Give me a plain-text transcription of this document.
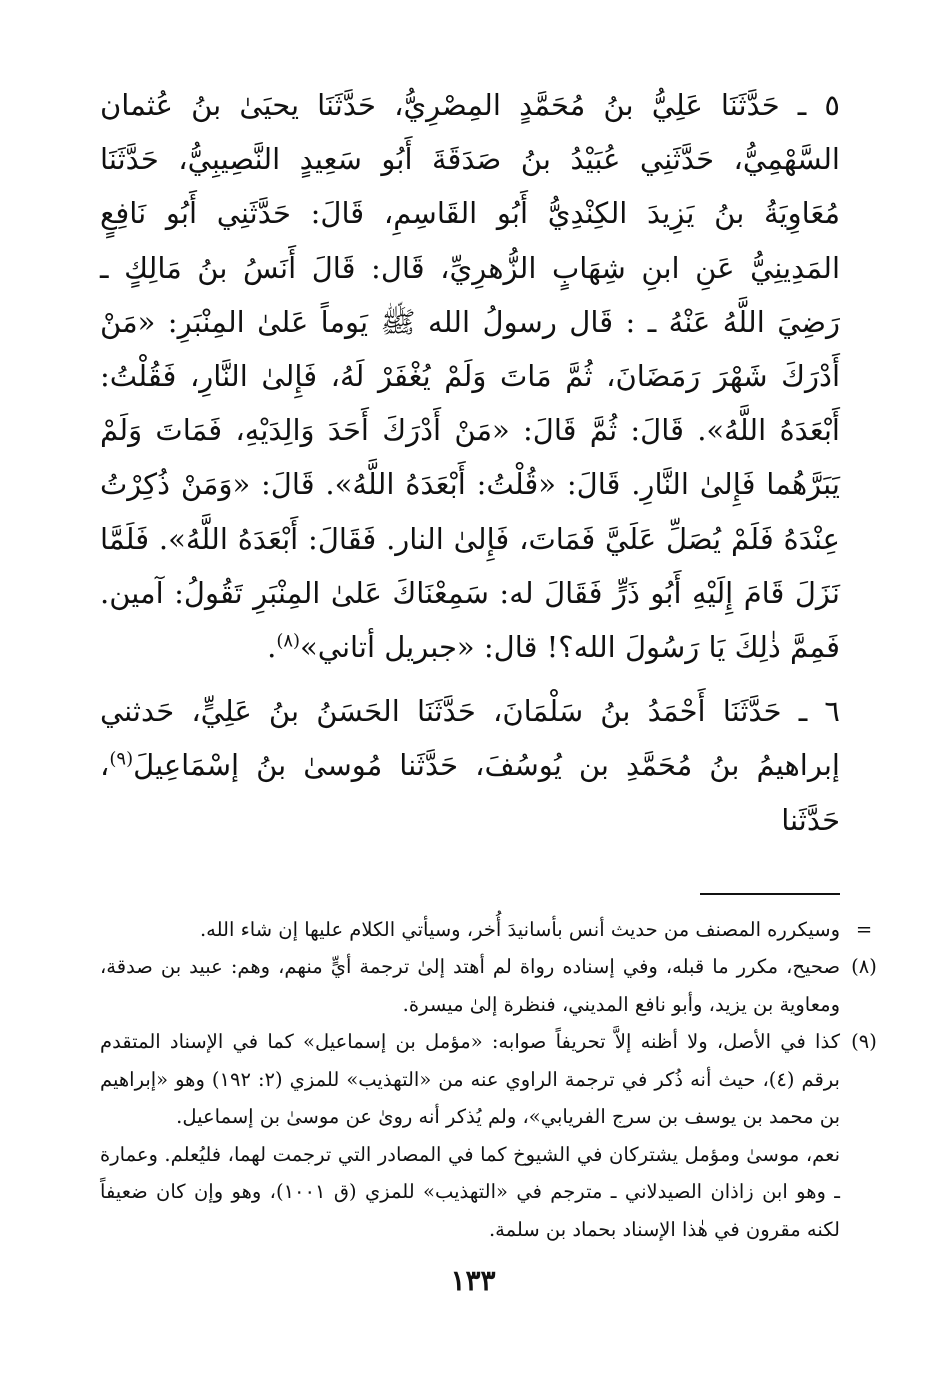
٥ ـ حَدَّثَنَا عَلِيُّ بنُ مُحَمَّدٍ المِصْرِيُّ، حَدَّثَنَا يحيَىٰ بنُ عُثمان السَّهْمِيُّ، حَدَّثَنِي عُبَيْدُ بنُ صَدَقَةَ أَبُو سَعِيدٍ النَّصِيبِيُّ، حَدَّثَنَا مُعَاوِيَةُ بنُ يَزِيدَ الكِنْدِيُّ أَبُو القَاسِمِ، قَالَ: حَدَّثَنِي أَبُو نَافِعٍ المَدِينِيُّ عَنِ ابنِ شِهَابٍ الزُّهرِيِّ، قَال: قَالَ أَنَسُ بنُ مَالِكٍ ـ رَضِيَ اللَّهُ عَنْهُ ـ : قَال رسولُ الله ﷺ يَوماً عَلىٰ المِنْبَرِ: «مَنْ أَدْرَكَ شَهْرَ رَمَضَانَ، ثُمَّ مَاتَ وَلَمْ يُغْفَرْ لَهُ، فَإِلىٰ النَّارِ، فَقُلْتُ: أَبْعَدَهُ اللَّهُ». قَالَ: ثُمَّ قَالَ: «مَنْ أَدْرَكَ أَحَدَ وَالِدَيْهِ، فَمَاتَ وَلَمْ يَبَرَّهُما فَإِلىٰ النَّارِ. قَالَ: «قُلْتُ: أَبْعَدَهُ اللَّهُ». قَالَ: «وَمَنْ ذُكِرْتُ عِنْدَهُ فَلَمْ يُصَلِّ عَلَيَّ فَمَاتَ، فَإِلىٰ النار. فَقَالَ: أَبْعَدَهُ اللَّهُ». فَلَمَّا نَزَلَ قَامَ إِلَيْهِ أَبُو ذَرٍّ فَقَالَ له: سَمِعْنَاكَ عَلىٰ المِنْبَرِ تَقُولُ: آمين. فَمِمَّ ذٰلِكَ يَا رَسُولَ الله؟! قال: «جبريل أتاني»$^{(٨)}$.

٦ ـ حَدَّثَنَا أَحْمَدُ بنُ سَلْمَانَ، حَدَّثَنَا الحَسَنُ بنُ عَلِيٍّ، حَدثني إبراهيمُ بنُ مُحَمَّدِ بن يُوسُفَ، حَدَّثَنا مُوسىٰ بنُ إسْمَاعِيلَ$^{(٩)}$، حَدَّثَنا

=
وسيكرره المصنف من حديث أنس بأسانيدَ أُخر، وسيأتي الكلام عليها إن شاء الله.

(٨)
صحيح، مكرر ما قبله، وفي إسناده رواة لم أهتد إلىٰ ترجمة أيٍّ منهم، وهم: عبيد بن صدقة، ومعاوية بن يزيد، وأبو نافع المديني، فنظرة إلىٰ ميسرة.

(٩)
كذا في الأصل، ولا أظنه إلاَّ تحريفاً صوابه: «مؤمل بن إسماعيل» كما في الإسناد المتقدم برقم (٤)، حيث أنه ذُكر في ترجمة الراوي عنه من «التهذيب» للمزي (٢: ١٩٢) وهو «إبراهيم بن محمد بن يوسف بن سرج الفريابي»، ولم يُذكر أنه روىٰ عن موسىٰ بن إسماعيل.

نعم، موسىٰ ومؤمل يشتركان في الشيوخ كما في المصادر التي ترجمت لهما، فليُعلم. وعمارة ـ وهو ابن زاذان الصيدلاني ـ مترجم في «التهذيب» للمزي (ق ١٠٠١)، وهو وإن كان ضعيفاً لكنه مقرون في هٰذا الإسناد بحماد بن سلمة.

١٣٣
